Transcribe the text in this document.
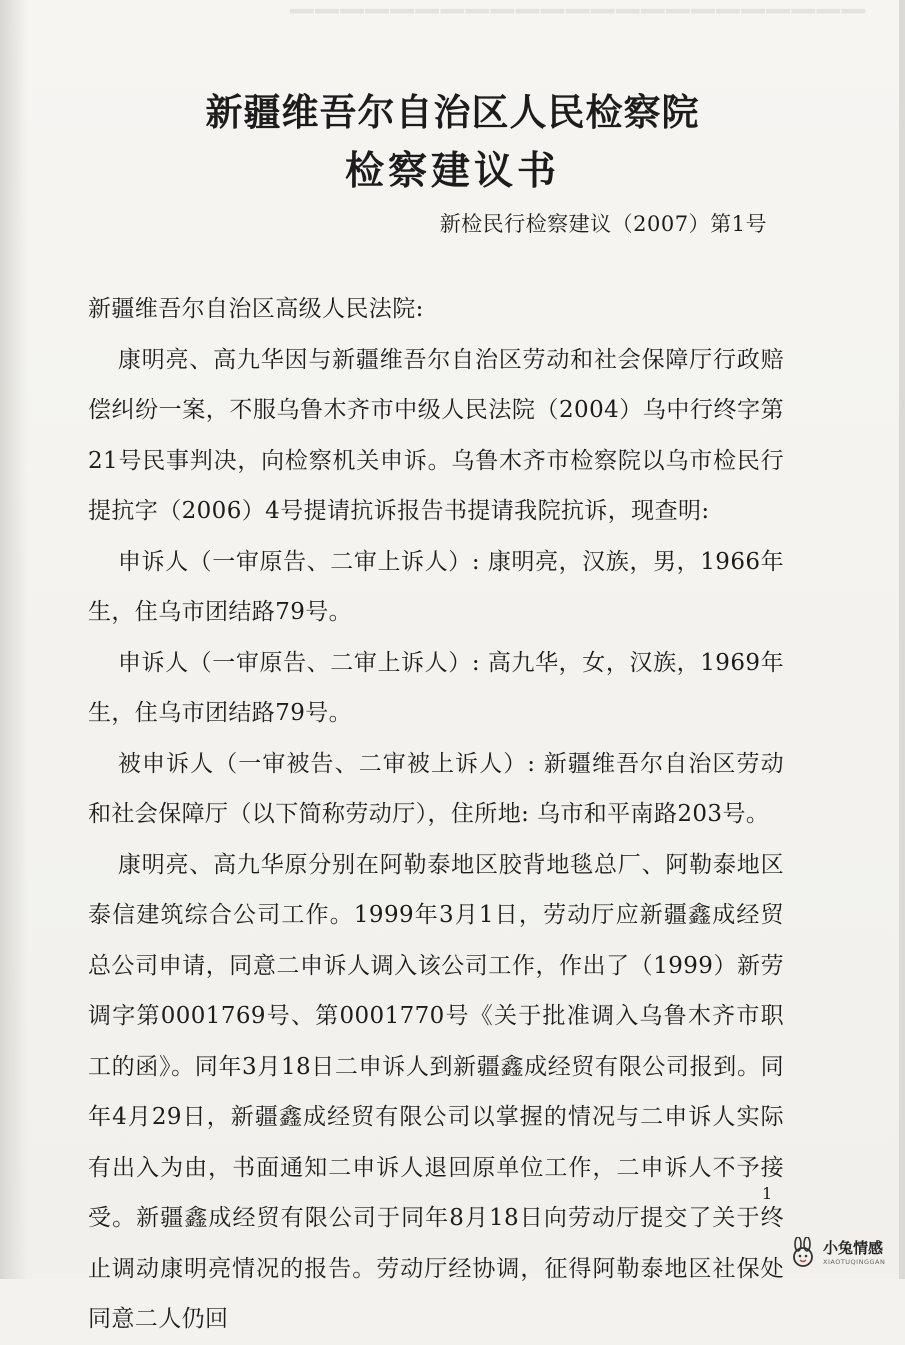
▔▔▔▔▔▔▔▔▔▔▔▔▔▔▔▔▔▔▔▔▔▔▔
新疆维吾尔自治区人民检察院
检察建议书

新检民行检察建议（2007）第1号

新疆维吾尔自治区高级人民法院:

康明亮、高九华因与新疆维吾尔自治区劳动和社会保障厅行政赔偿纠纷一案，不服乌鲁木齐市中级人民法院（2004）乌中行终字第21号民事判决，向检察机关申诉。乌鲁木齐市检察院以乌市检民行提抗字（2006）4号提请抗诉报告书提请我院抗诉，现查明:

申诉人（一审原告、二审上诉人）: 康明亮，汉族，男，1966年生，住乌市团结路79号。

申诉人（一审原告、二审上诉人）: 高九华，女，汉族，1969年生，住乌市团结路79号。

被申诉人（一审被告、二审被上诉人）: 新疆维吾尔自治区劳动和社会保障厅（以下简称劳动厅），住所地: 乌市和平南路203号。

康明亮、高九华原分别在阿勒泰地区胶背地毯总厂、阿勒泰地区泰信建筑综合公司工作。1999年3月1日，劳动厅应新疆鑫成经贸总公司申请，同意二申诉人调入该公司工作，作出了（1999）新劳调字第0001769号、第0001770号《关于批准调入乌鲁木齐市职工的函》。同年3月18日二申诉人到新疆鑫成经贸有限公司报到。同年4月29日，新疆鑫成经贸有限公司以掌握的情况与二申诉人实际有出入为由，书面通知二申诉人退回原单位工作，二申诉人不予接受。新疆鑫成经贸有限公司于同年8月18日向劳动厅提交了关于终止调动康明亮情况的报告。劳动厅经协调，征得阿勒泰地区社保处同意二人仍回

1
小兔情感
XIAOTUQINGGAN
